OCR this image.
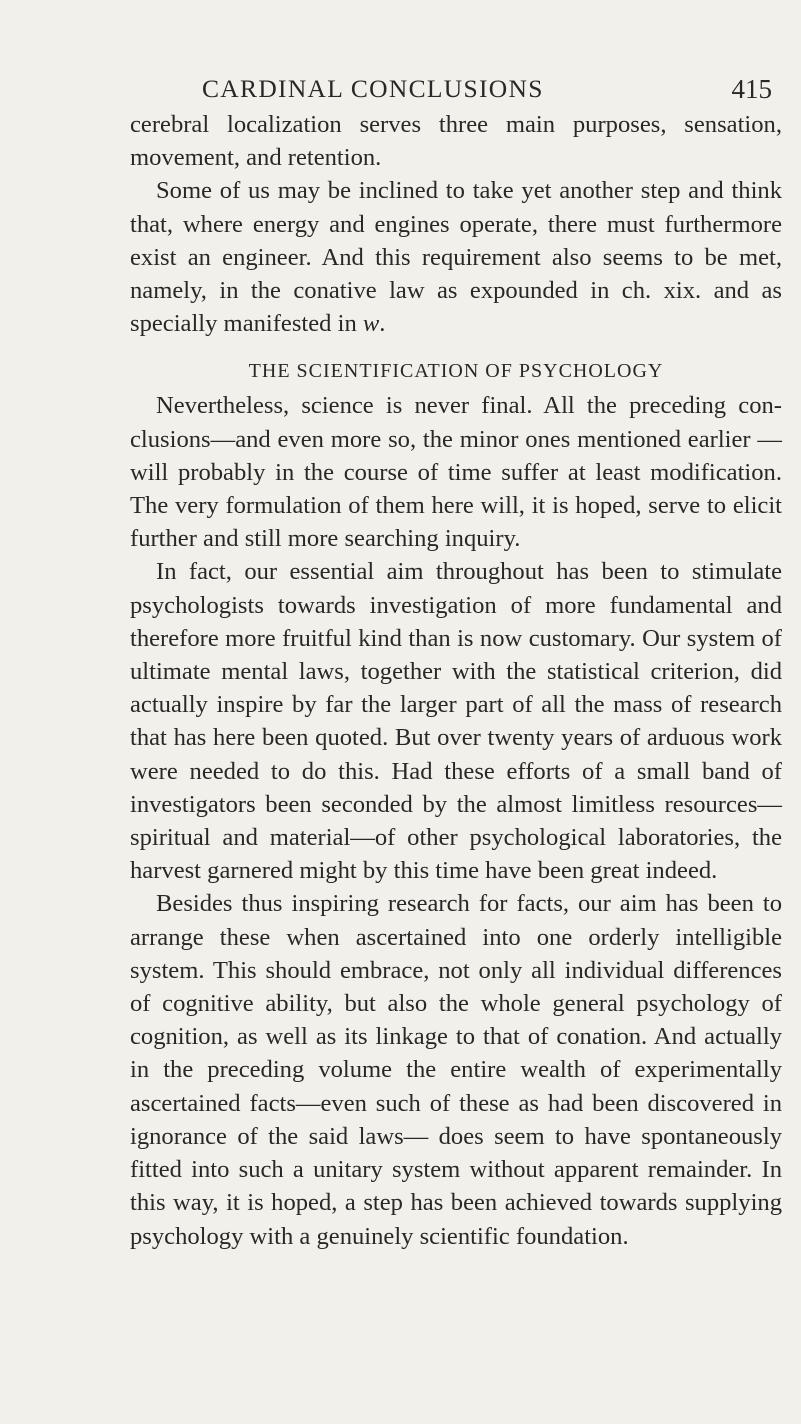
CARDINAL CONCLUSIONS	415

cerebral localization serves three main purposes, sensation, movement, and retention.

Some of us may be inclined to take yet another step and think that, where energy and engines operate, there must furthermore exist an engineer. And this requirement also seems to be met, namely, in the conative law as expounded in ch. xix. and as specially manifested in w.

THE SCIENTIFICATION OF PSYCHOLOGY

Nevertheless, science is never final. All the preceding conclusions—and even more so, the minor ones mentioned earlier —will probably in the course of time suffer at least modification. The very formulation of them here will, it is hoped, serve to elicit further and still more searching inquiry.

In fact, our essential aim throughout has been to stimulate psychologists towards investigation of more fundamental and therefore more fruitful kind than is now customary. Our system of ultimate mental laws, together with the statistical criterion, did actually inspire by far the larger part of all the mass of research that has here been quoted. But over twenty years of arduous work were needed to do this. Had these efforts of a small band of investigators been seconded by the almost limitless resources—spiritual and material—of other psychological laboratories, the harvest garnered might by this time have been great indeed.

Besides thus inspiring research for facts, our aim has been to arrange these when ascertained into one orderly intelligible system. This should embrace, not only all individual differences of cognitive ability, but also the whole general psychology of cognition, as well as its linkage to that of conation. And actually in the preceding volume the entire wealth of experimentally ascertained facts—even such of these as had been discovered in ignorance of the said laws— does seem to have spontaneously fitted into such a unitary system without apparent remainder. In this way, it is hoped, a step has been achieved towards supplying psychology with a genuinely scientific foundation.
